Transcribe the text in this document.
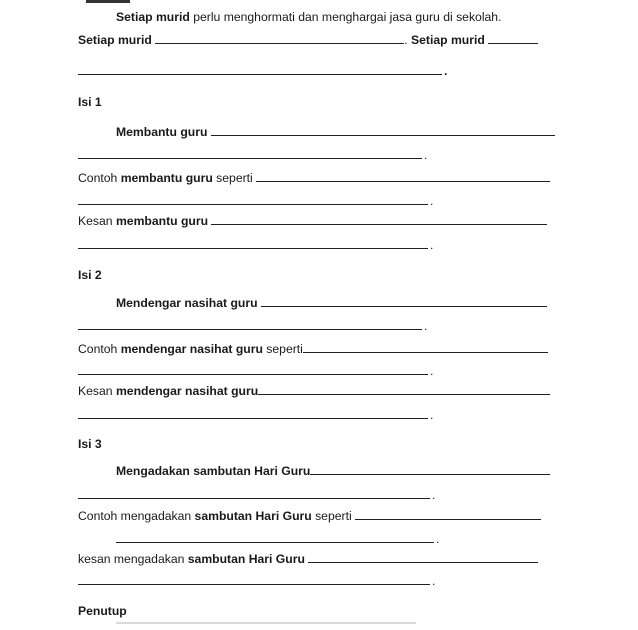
Setiap murid perlu menghormati dan menghargai jasa guru di sekolah.
Setiap murid	. Setiap murid
.
Isi 1
Membantu guru
.
Contoh membantu guru seperti
.
Kesan membantu guru
.
Isi 2
Mendengar nasihat guru
.
Contoh mendengar nasihat guru seperti
.
Kesan mendengar nasihat guru
.
Isi 3
Mengadakan sambutan Hari Guru
.
Contoh mengadakan sambutan Hari Guru seperti
.
kesan mengadakan sambutan Hari Guru
.
Penutup
